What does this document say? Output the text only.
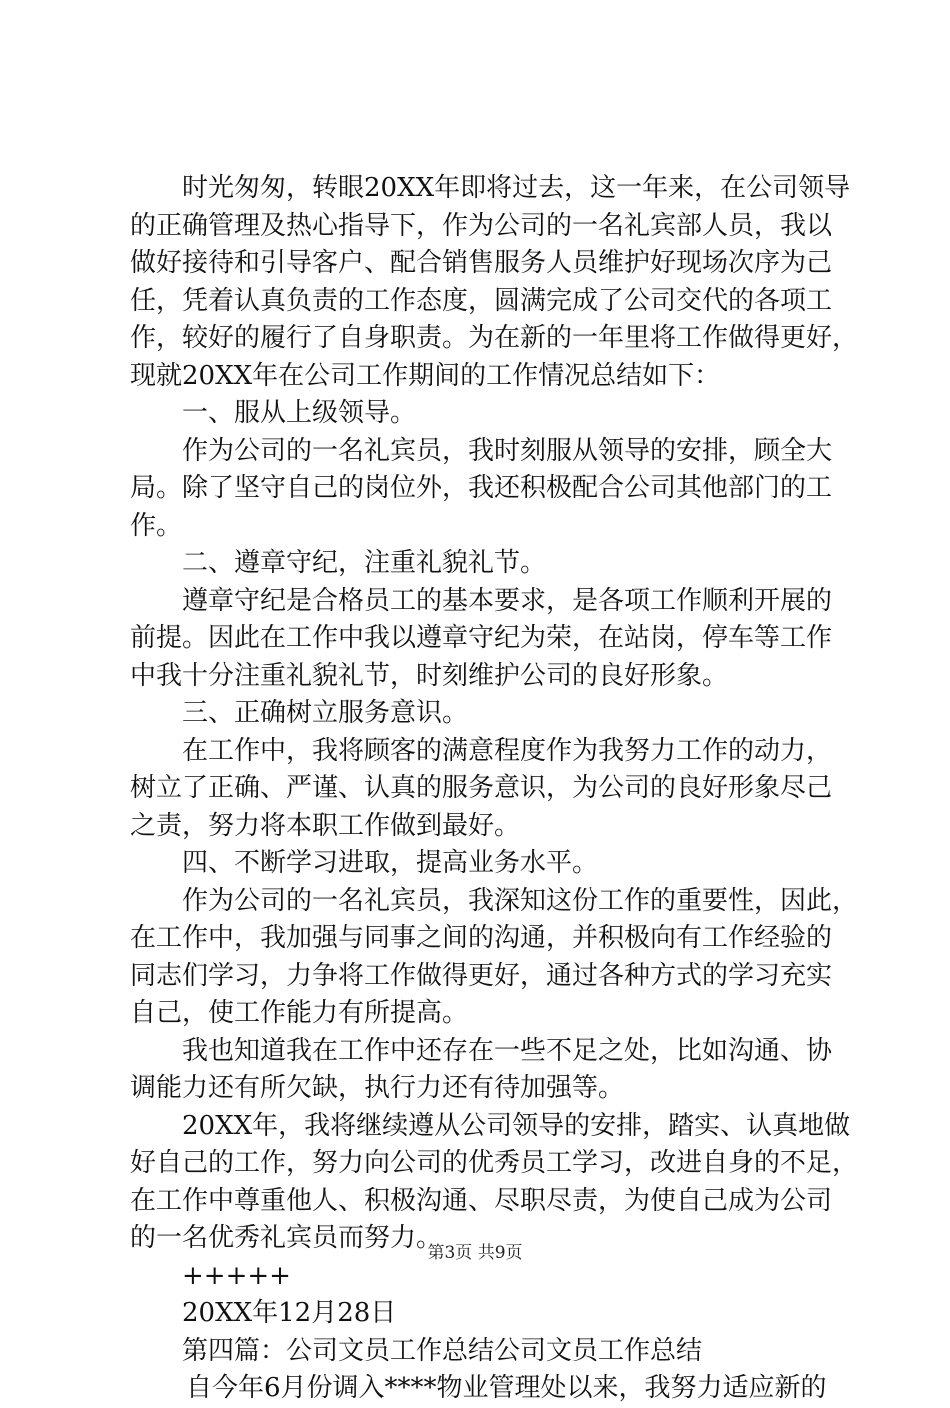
时光匆匆，转眼20XX年即将过去，这一年来，在公司领导
的正确管理及热心指导下，作为公司的一名礼宾部人员，我以
做好接待和引导客户、配合销售服务人员维护好现场次序为己
任，凭着认真负责的工作态度，圆满完成了公司交代的各项工
作，较好的履行了自身职责。为在新的一年里将工作做得更好，
现就20XX年在公司工作期间的工作情况总结如下：
一、服从上级领导。
作为公司的一名礼宾员，我时刻服从领导的安排，顾全大
局。除了坚守自己的岗位外，我还积极配合公司其他部门的工
作。
二、遵章守纪，注重礼貌礼节。
遵章守纪是合格员工的基本要求，是各项工作顺利开展的
前提。因此在工作中我以遵章守纪为荣，在站岗，停车等工作
中我十分注重礼貌礼节，时刻维护公司的良好形象。
三、正确树立服务意识。
在工作中，我将顾客的满意程度作为我努力工作的动力，
树立了正确、严谨、认真的服务意识，为公司的良好形象尽己
之责，努力将本职工作做到最好。
四、不断学习进取，提高业务水平。
作为公司的一名礼宾员，我深知这份工作的重要性，因此，
在工作中，我加强与同事之间的沟通，并积极向有工作经验的
同志们学习，力争将工作做得更好，通过各种方式的学习充实
自己，使工作能力有所提高。
我也知道我在工作中还存在一些不足之处，比如沟通、协
调能力还有所欠缺，执行力还有待加强等。
20XX年，我将继续遵从公司领导的安排，踏实、认真地做
好自己的工作，努力向公司的优秀员工学习，改进自身的不足，
在工作中尊重他人、积极沟通、尽职尽责，为使自己成为公司
的一名优秀礼宾员而努力。
+++++
20XX年12月28日
第四篇：公司文员工作总结公司文员工作总结
自今年6月份调入****物业管理处以来，我努力适应新的
第3页 共9页
